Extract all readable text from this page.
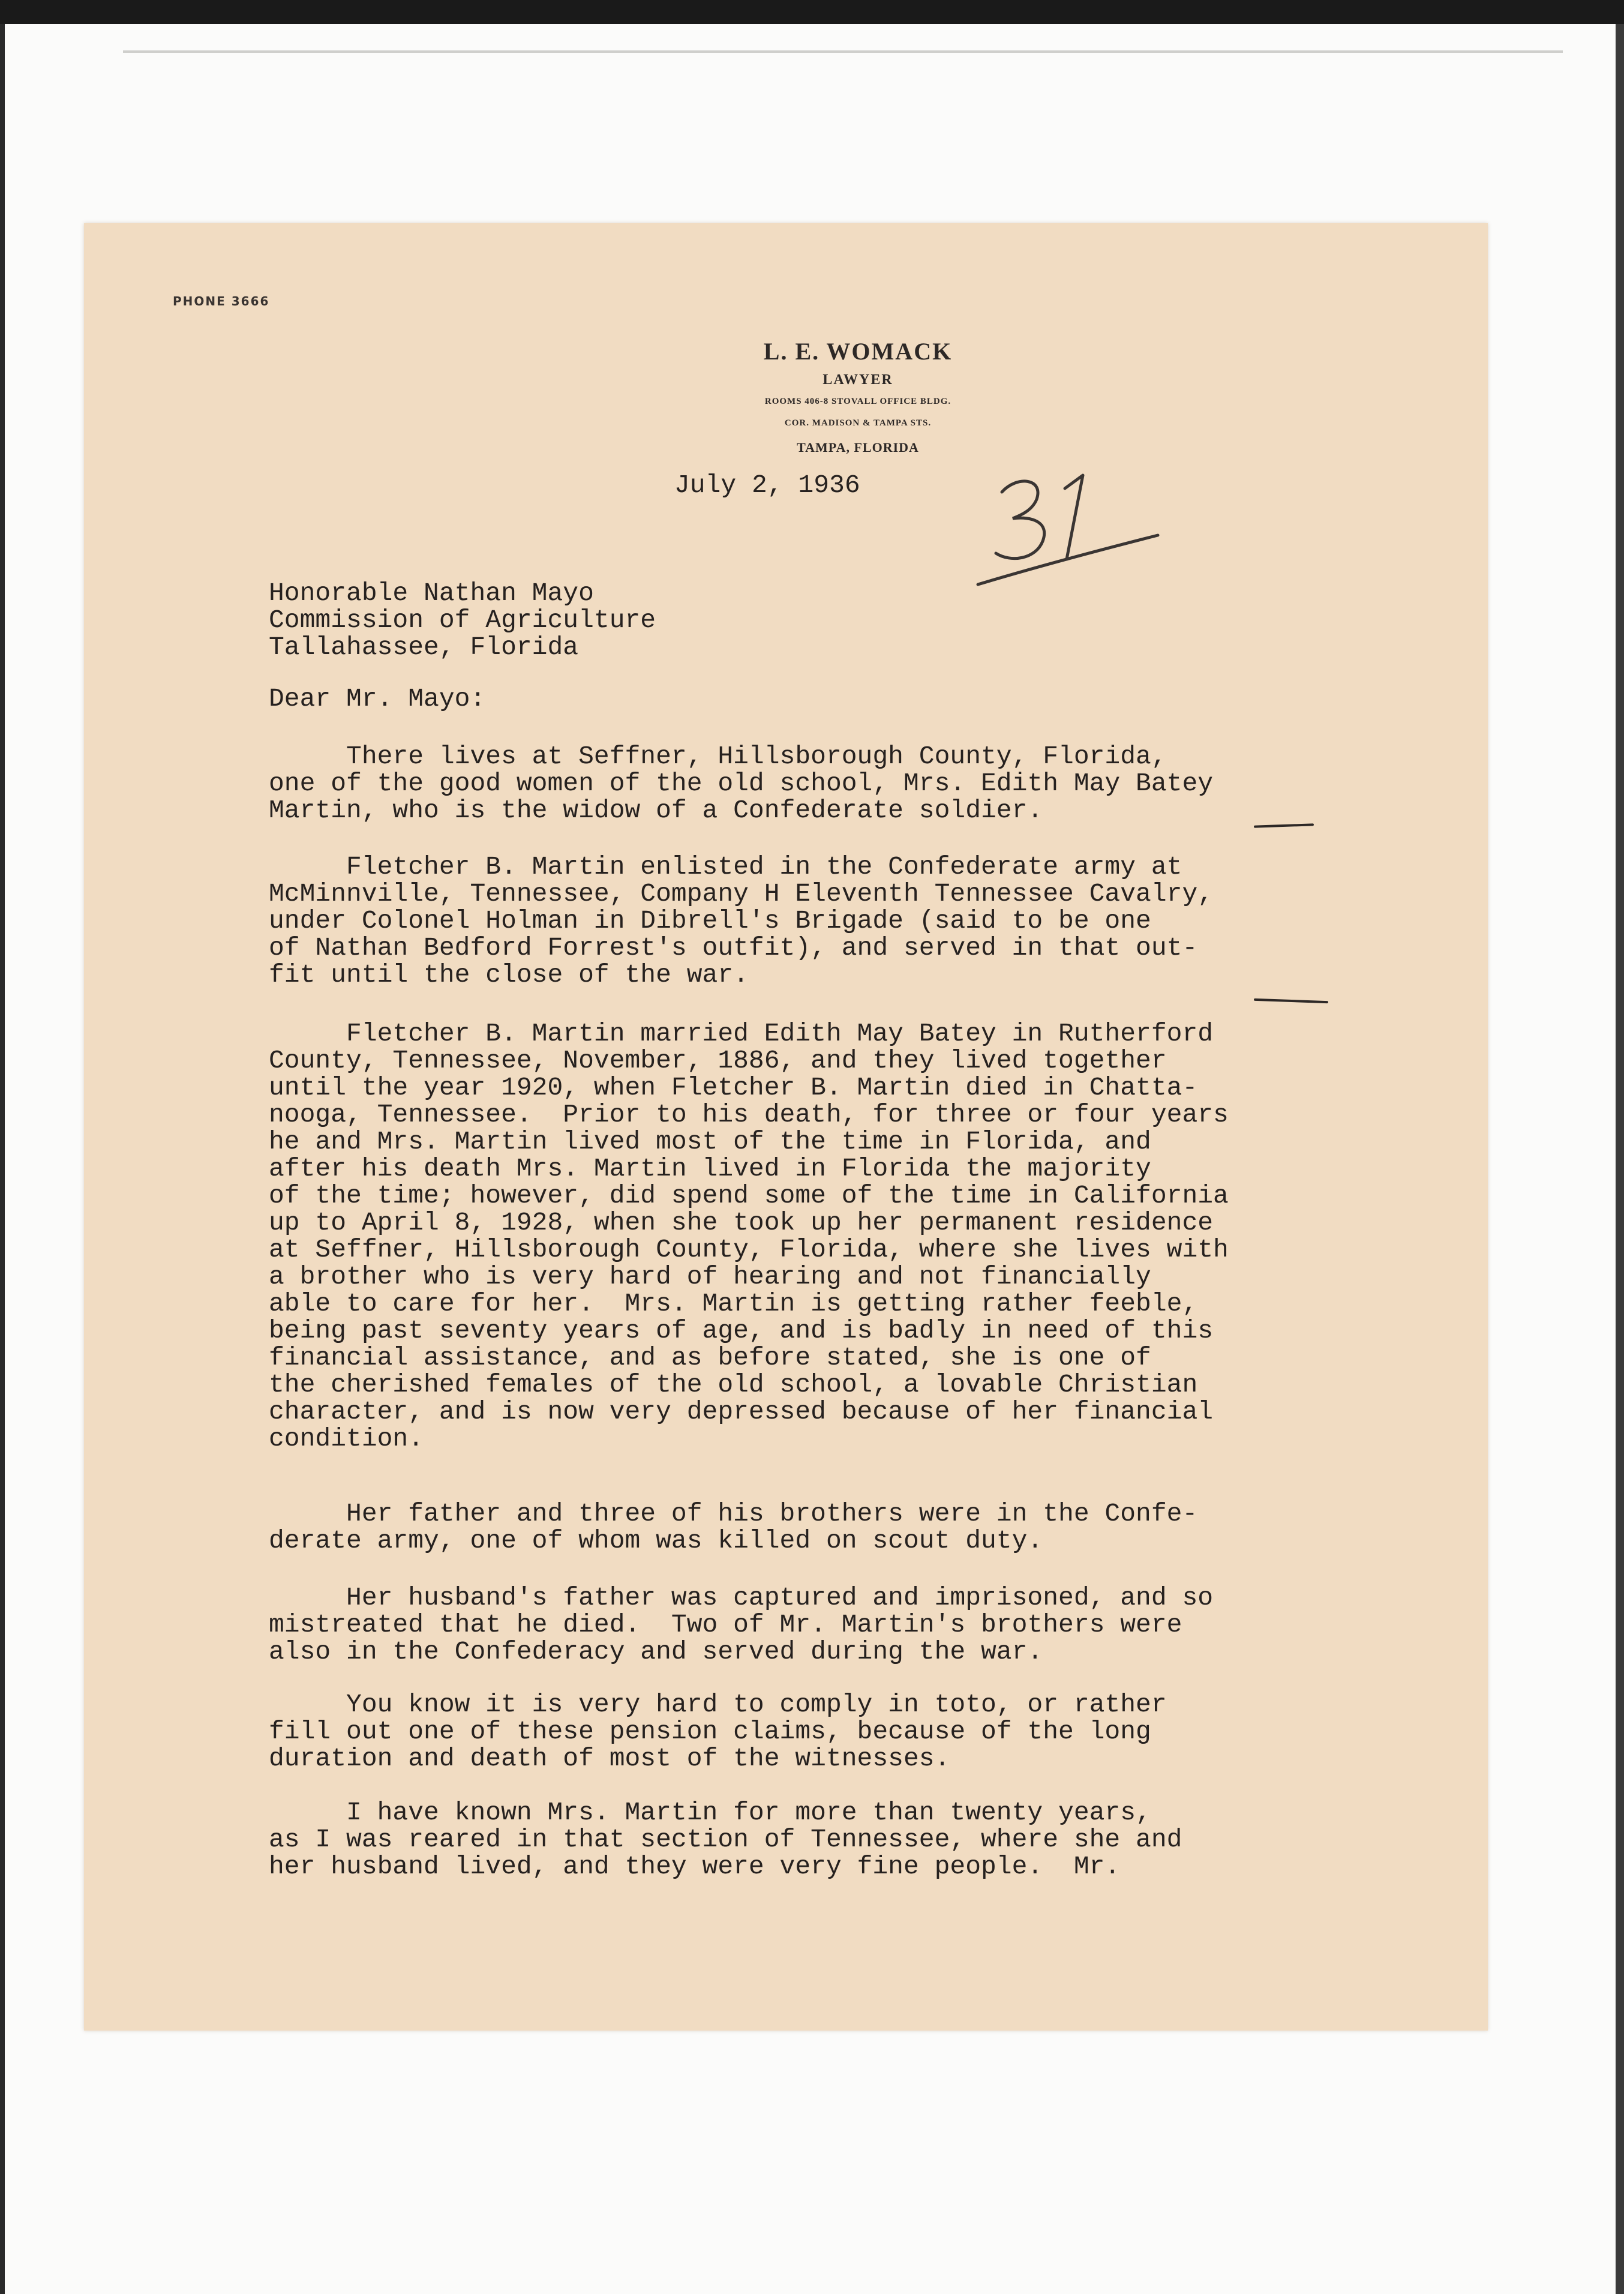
PHONE 3666
L. E. WOMACK
LAWYER
ROOMS 406-8 STOVALL OFFICE BLDG.
COR. MADISON & TAMPA STS.
TAMPA, FLORIDA
July 2, 1936
Honorable Nathan Mayo
Commission of Agriculture
Tallahassee, Florida
Dear Mr. Mayo:
There lives at Seffner, Hillsborough County, Florida,
one of the good women of the old school, Mrs. Edith May Batey
Martin, who is the widow of a Confederate soldier.
Fletcher B. Martin enlisted in the Confederate army at
McMinnville, Tennessee, Company H Eleventh Tennessee Cavalry,
under Colonel Holman in Dibrell's Brigade (said to be one
of Nathan Bedford Forrest's outfit), and served in that out-
fit until the close of the war.
Fletcher B. Martin married Edith May Batey in Rutherford
County, Tennessee, November, 1886, and they lived together
until the year 1920, when Fletcher B. Martin died in Chatta-
nooga, Tennessee.  Prior to his death, for three or four years
he and Mrs. Martin lived most of the time in Florida, and
after his death Mrs. Martin lived in Florida the majority
of the time; however, did spend some of the time in California
up to April 8, 1928, when she took up her permanent residence
at Seffner, Hillsborough County, Florida, where she lives with
a brother who is very hard of hearing and not financially
able to care for her.  Mrs. Martin is getting rather feeble,
being past seventy years of age, and is badly in need of this
financial assistance, and as before stated, she is one of
the cherished females of the old school, a lovable Christian
character, and is now very depressed because of her financial
condition.
Her father and three of his brothers were in the Confe-
derate army, one of whom was killed on scout duty.
Her husband's father was captured and imprisoned, and so
mistreated that he died.  Two of Mr. Martin's brothers were
also in the Confederacy and served during the war.
You know it is very hard to comply in toto, or rather
fill out one of these pension claims, because of the long
duration and death of most of the witnesses.
I have known Mrs. Martin for more than twenty years,
as I was reared in that section of Tennessee, where she and
her husband lived, and they were very fine people.  Mr.
